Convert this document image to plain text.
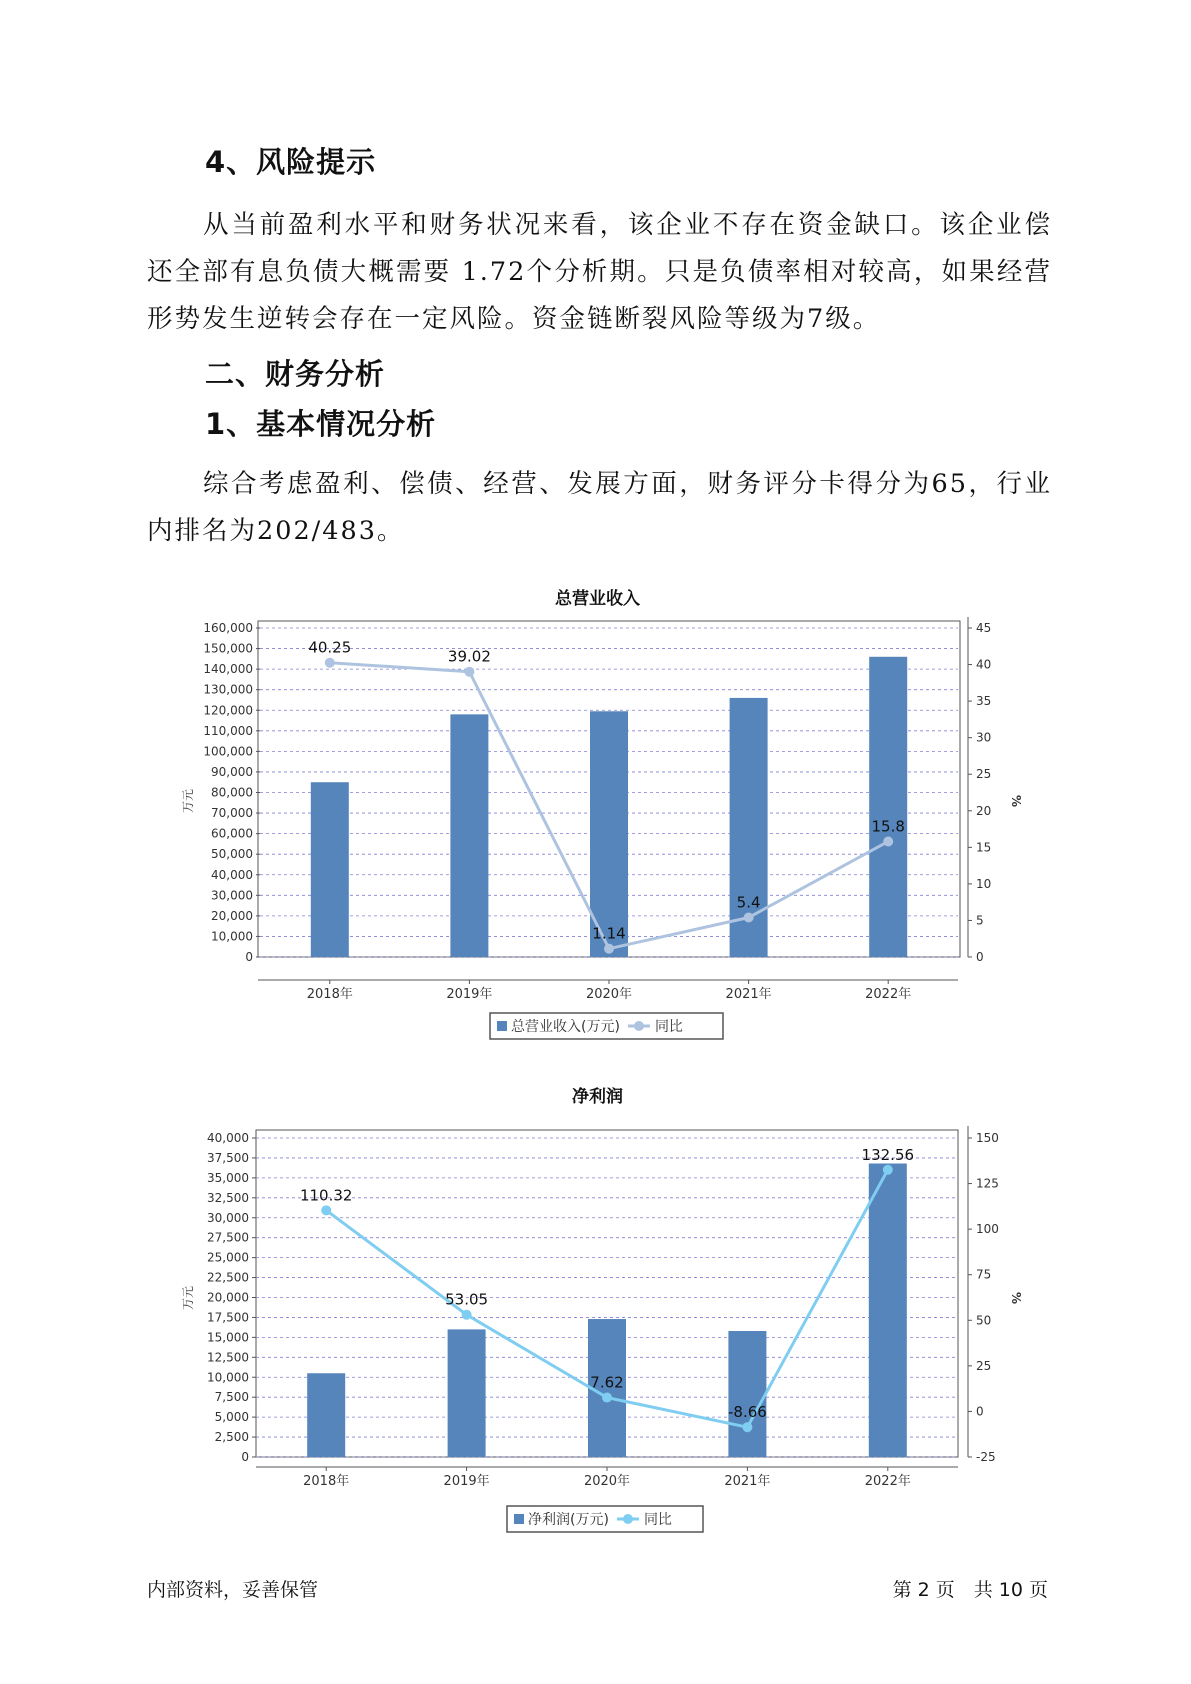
4、风险提示

从当前盈利水平和财务状况来看，该企业不存在资金缺口。该企业偿还全部有息负债大概需要 1.72个分析期。只是负债率相对较高，如果经营形势发生逆转会存在一定风险。资金链断裂风险等级为7级。

二、财务分析
1、基本情况分析

综合考虑盈利、偿债、经营、发展方面，财务评分卡得分为65，行业内排名为202/483。

总营业收入
0
10,000
20,000
30,000
40,000
50,000
60,000
70,000
80,000
90,000
100,000
110,000
120,000
130,000
140,000
150,000
160,000
0
5
10
15
20
25
30
35
40
45
万元	%
2018年	2019年	2020年	2021年	2022年
40.25	39.02
1.14
5.4
15.8
总营业收入(万元)	同比
净利润
0
2,500
5,000
7,500
10,000
12,500
15,000
17,500
20,000
22,500
25,000
27,500
30,000
32,500
35,000
37,500
40,000
-25
0
25
50
75
100
125
150
万元	%
2018年	2019年	2020年	2021年	2022年
110.32
53.05
7.62
-8.66
132.56
净利润(万元)	同比
内部资料，妥善保管	第 2 页　共 10 页
